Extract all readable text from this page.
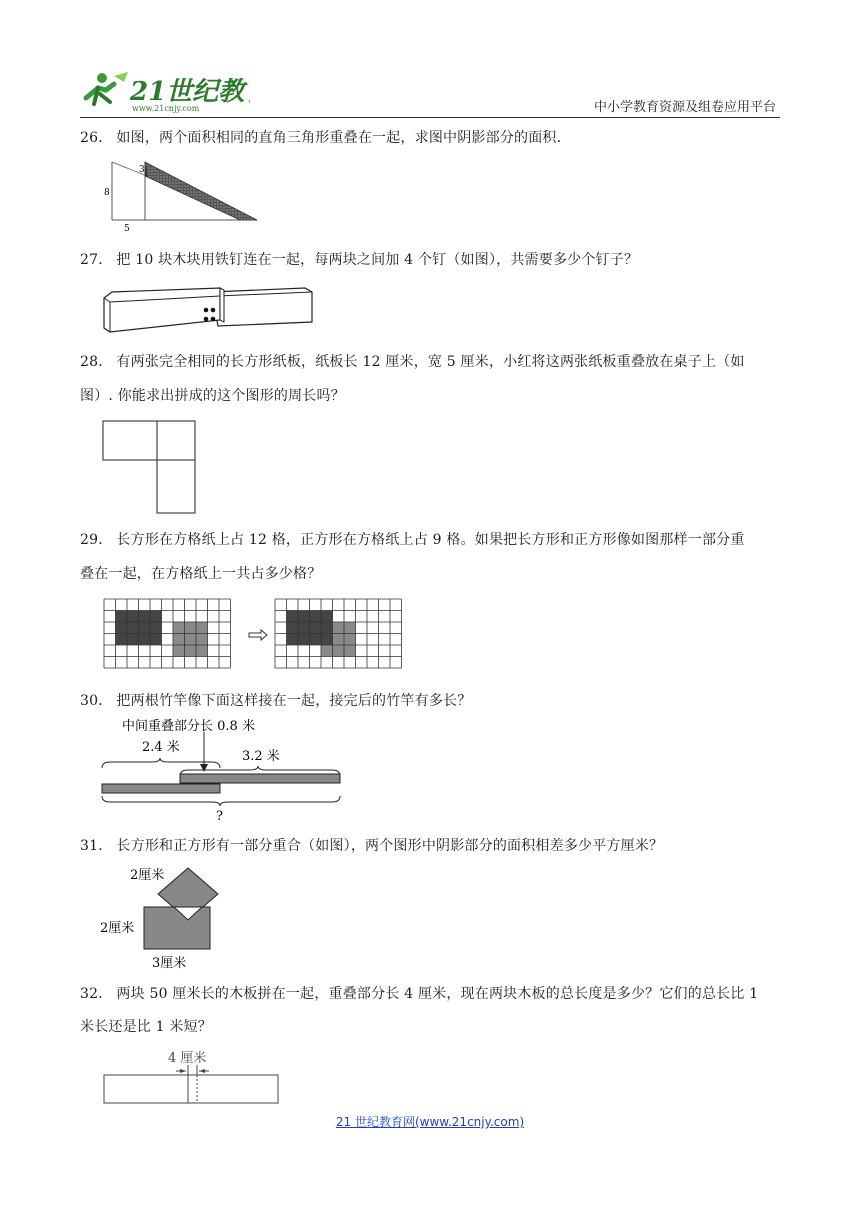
21世纪教
www.21cnjy.com	中小学教育资源及组卷应用平台
26． 如图，两个面积相同的直角三角形重叠在一起，求图中阴影部分的面积.
3
8
5
27． 把 10 块木块用铁钉连在一起，每两块之间加 4 个钉（如图），共需要多少个钉子？
28． 有两张完全相同的长方形纸板，纸板长 12 厘米，宽 5 厘米，小红将这两张纸板重叠放在桌子上（如
图）. 你能求出拼成的这个图形的周长吗？
29． 长方形在方格纸上占 12 格，正方形在方格纸上占 9 格。如果把长方形和正方形像如图那样一部分重
叠在一起，在方格纸上一共占多少格？
30． 把两根竹竿像下面这样接在一起，接完后的竹竿有多长？
中间重叠部分长 0.8 米
2.4 米
3.2 米
?
31． 长方形和正方形有一部分重合（如图），两个图形中阴影部分的面积相差多少平方厘米？
2厘米
2厘米
3厘米
32． 两块 50 厘米长的木板拼在一起，重叠部分长 4 厘米，现在两块木板的总长度是多少？它们的总长比 1
米长还是比 1 米短？
4 厘米
21 世纪教育网(www.21cnjy.com)
